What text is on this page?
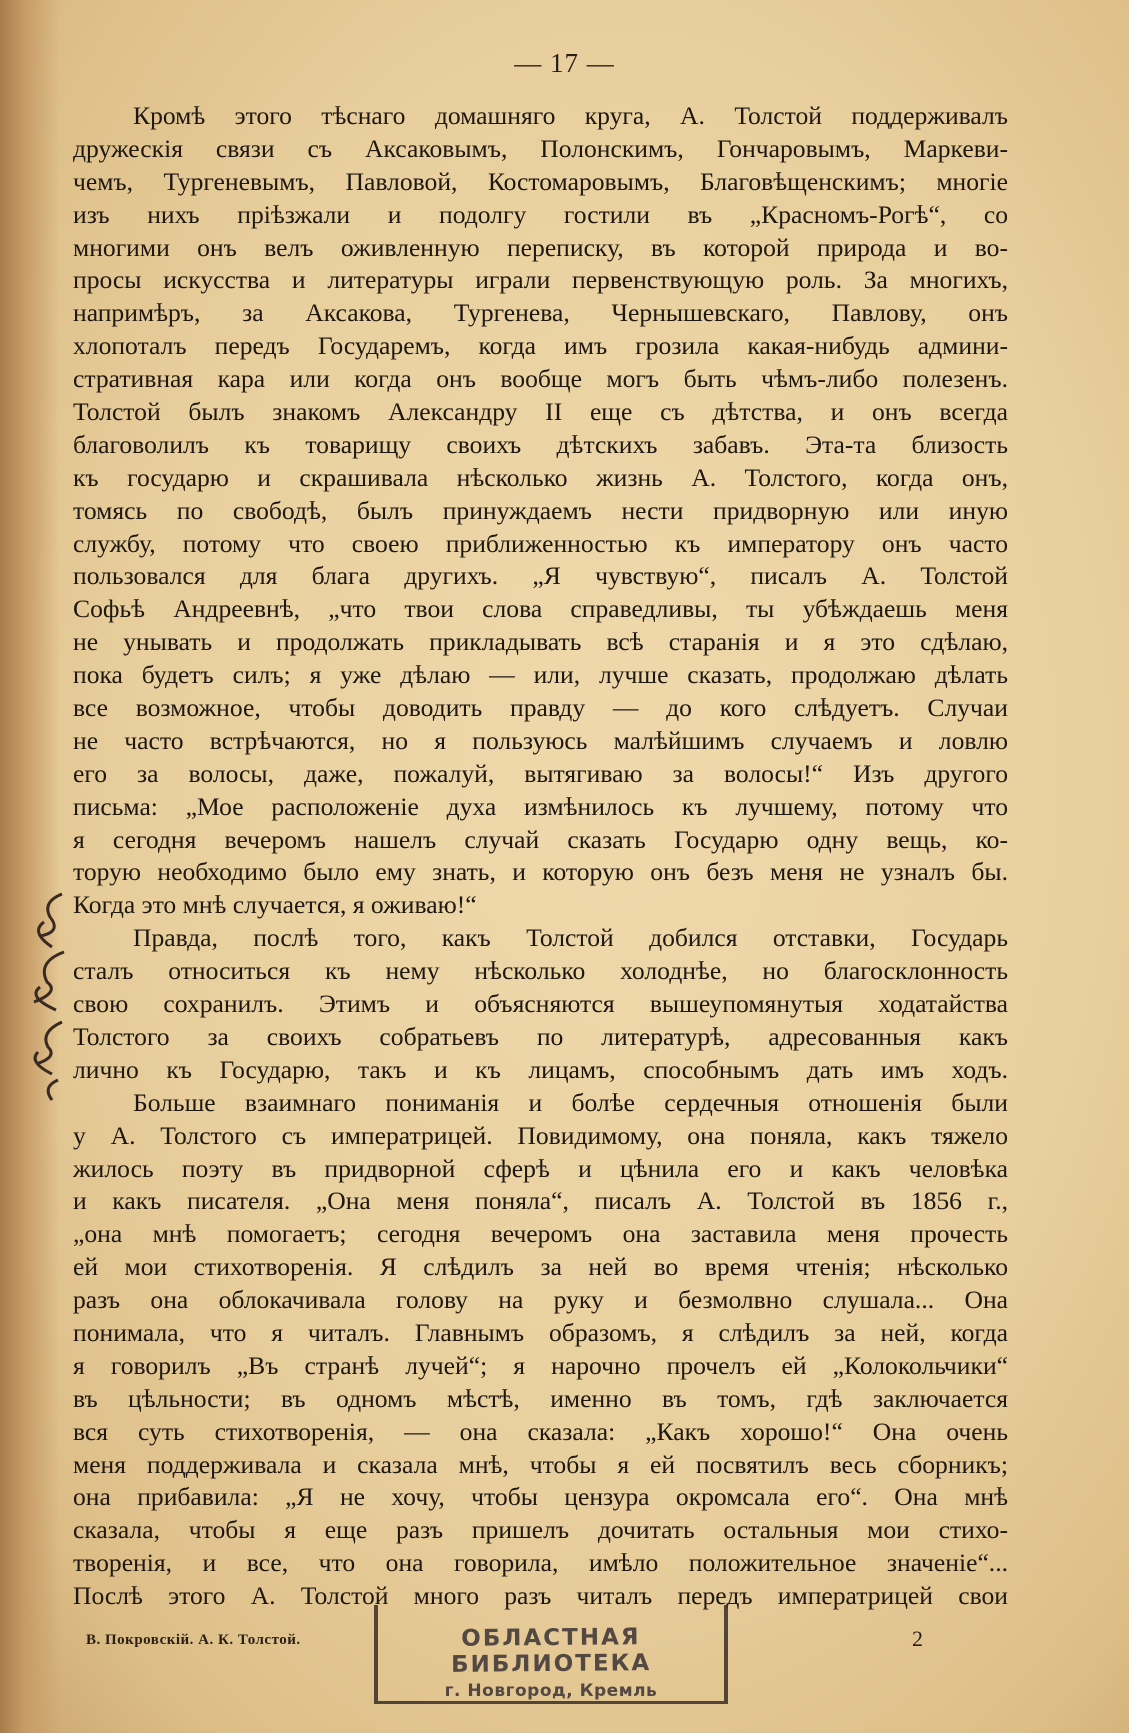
— 17 —
Кромѣ этого тѣснаго домашняго круга, А. Толстой поддерживалъ
дружескія связи съ Аксаковымъ, Полонскимъ, Гончаровымъ, Маркеви-
чемъ, Тургеневымъ, Павловой, Костомаровымъ, Благовѣщенскимъ; многіе
изъ нихъ пріѣзжали и подолгу гостили въ „Красномъ-Рогѣ“, со
многими онъ велъ оживленную переписку, въ которой природа и во-
просы искусства и литературы играли первенствующую роль. За многихъ,
напримѣръ, за Аксакова, Тургенева, Чернышевскаго, Павлову, онъ
хлопоталъ передъ Государемъ, когда имъ грозила какая-нибудь админи-
стративная кара или когда онъ вообще могъ быть чѣмъ-либо полезенъ.
Толстой былъ знакомъ Александру II еще съ дѣтства, и онъ всегда
благоволилъ къ товарищу своихъ дѣтскихъ забавъ. Эта-та близость
къ государю и скрашивала нѣсколько жизнь А. Толстого, когда онъ,
томясь по свободѣ, былъ принуждаемъ нести придворную или иную
службу, потому что своею приближенностью къ императору онъ часто
пользовался для блага другихъ. „Я чувствую“, писалъ А. Толстой
Софьѣ Андреевнѣ, „что твои слова справедливы, ты убѣждаешь меня
не унывать и продолжать прикладывать всѣ старанія и я это сдѣлаю,
пока будетъ силъ; я уже дѣлаю — или, лучше сказать, продолжаю дѣлать
все возможное, чтобы доводить правду — до кого слѣдуетъ. Случаи
не часто встрѣчаются, но я пользуюсь малѣйшимъ случаемъ и ловлю
его за волосы, даже, пожалуй, вытягиваю за волосы!“ Изъ другого
письма: „Мое расположеніе духа измѣнилось къ лучшему, потому что
я сегодня вечеромъ нашелъ случай сказать Государю одну вещь, ко-
торую необходимо было ему знать, и которую онъ безъ меня не узналъ бы.
Когда это мнѣ случается, я оживаю!“
Правда, послѣ того, какъ Толстой добился отставки, Государь
сталъ относиться къ нему нѣсколько холоднѣе, но благосклонность
свою сохранилъ. Этимъ и объясняются вышеупомянутыя ходатайства
Толстого за своихъ собратьевъ по литературѣ, адресованныя какъ
лично къ Государю, такъ и къ лицамъ, способнымъ дать имъ ходъ.
Больше взаимнаго пониманія и болѣе сердечныя отношенія были
у А. Толстого съ императрицей. Повидимому, она поняла, какъ тяжело
жилось поэту въ придворной сферѣ и цѣнила его и какъ человѣка
и какъ писателя. „Она меня поняла“, писалъ А. Толстой въ 1856 г.,
„она мнѣ помогаетъ; сегодня вечеромъ она заставила меня прочесть
ей мои стихотворенія. Я слѣдилъ за ней во время чтенія; нѣсколько
разъ она облокачивала голову на руку и безмолвно слушала... Она
понимала, что я читалъ. Главнымъ образомъ, я слѣдилъ за ней, когда
я говорилъ „Въ странѣ лучей“; я нарочно прочелъ ей „Колокольчики“
въ цѣльности; въ одномъ мѣстѣ, именно въ томъ, гдѣ заключается
вся суть стихотворенія, — она сказала: „Какъ хорошо!“ Она очень
меня поддерживала и сказала мнѣ, чтобы я ей посвятилъ весь сборникъ;
она прибавила: „Я не хочу, чтобы цензура окромсала его“. Она мнѣ
сказала, чтобы я еще разъ пришелъ дочитать остальныя мои стихо-
творенія, и все, что она говорила, имѣло положительное значеніе“...
Послѣ этого А. Толстой много разъ читалъ передъ императрицей свои
В. Покровскій. А. К. Толстой.	2
ОБЛАСТНАЯ БИБЛИОТЕКА
г. Новгород, Кремль
